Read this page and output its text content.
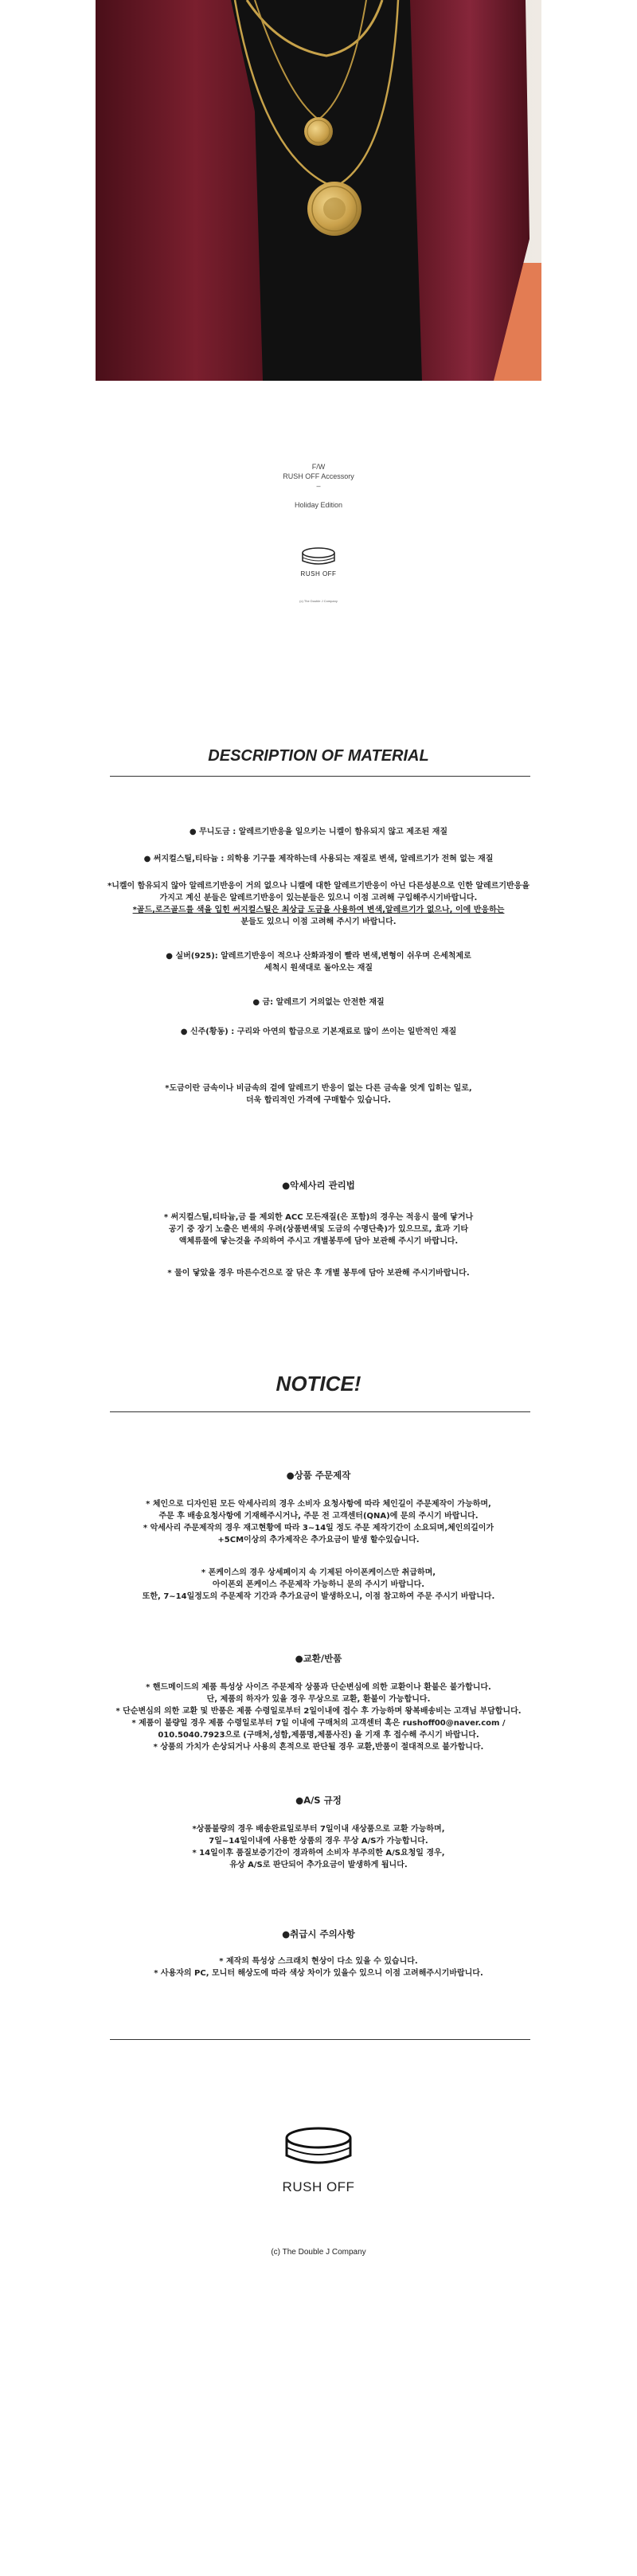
F/W
RUSH OFF Accessory
–
Holiday Edition
RUSH OFF
(c) The Double J Company
DESCRIPTION OF MATERIAL
● 무니도금 : 알레르기반응을 일으키는 니켈이 함유되지 않고 제조된 재질
● 써지컬스틸,티타늄 : 의학용 기구를 제작하는데 사용되는 재질로 변색, 알레르기가 전혀 없는 재질
*니켈이 함유되지 않아 알레르기반응이 거의 없으나 니켈에 대한 알레르기반응이 아닌 다른성분으로 인한 알레르기반응을
가지고 계신 분들은 알레르기반응이 있는분들은 있으니 이점 고려해 구입해주시기바랍니다.
*골드,로즈골드를 색을 입힌 써지컬스틸은 최상급 도금을 사용하여 변색,알레르기가 없으나, 이에 반응하는
분들도 있으니 이점 고려해 주시기 바랍니다.
● 실버(925): 알레르기반응이 적으나 산화과정이 빨라 변색,변형이 쉬우며 은세척제로
세척시 원색대로 돌아오는 재질
● 금: 알레르기 거의없는 안전한 재질
● 신주(황동) : 구리와 아연의 합금으로 기본재료로 많이 쓰이는 일반적인 재질
*도금이란 금속이나 비금속의 겉에 알레르기 반응이 없는 다른 금속을 엇게 입히는 일로,
더욱 합리적인 가격에 구매할수 있습니다.
●악세사리 관리법
* 써지컬스틸,티타늄,금 를 제외한 ACC 모든재질(은 포함)의 경우는 적응시 물에 닿거나
공기 중 장기 노출은 변색의 우려(상품변색및 도금의 수명단축)가 있으므로, 효과 기타
액체류물에 닿는것을 주의하여 주시고 개별봉투에 담아 보관해 주시기 바랍니다.
* 물이 닿았을 경우 마른수건으로 잘 닦은 후 개별 봉투에 담아 보관해 주시기바랍니다.
NOTICE!
●상품 주문제작
* 체인으로 디자인된 모든 악세사리의 경우 소비자 요청사항에 따라 체인길이 주문제작이 가능하며,
주문 후 배송요청사항에 기재해주시거나, 주문 전 고객센터(QNA)에 문의 주시기 바랍니다.
* 악세사리 주문제작의 경우 재고현황에 따라 3~14일 정도 주문 제작기간이 소요되며,체인의길이가
+5CM이상의 추가제작은 추가요금이 발생 할수있습니다.
* 폰케이스의 경우 상세페이지 속 기제된 아이폰케이스만 취급하며,
아이폰외 폰케이스 주문제작 가능하니 문의 주시기 바랍니다.
또한, 7~14일정도의 주문제작 기간과 추가요금이 발생하오니, 이점 참고하여 주문 주시기 바랍니다.
●교환/반품
* 핸드메이드의 제품 특성상 사이즈 주문제작 상품과 단순변심에 의한 교환이나 환불은 불가합니다.
단, 제품의 하자가 있을 경우 무상으로 교환, 환불이 가능합니다.
* 단순변심의 의한 교환 및 반품은 제품 수령일로부터 2일이내에 접수 후 가능하며 왕복배송비는 고객님 부담합니다.
* 제품이 불량일 경우 제품 수령일로부터 7일 이내에 구매처의 고객센터 혹은 rushoff00@naver.com /
010.5040.7923으로 (구매처,성함,제품명,제품사진) 을 기재 후 접수해 주시기 바랍니다.
* 상품의 가치가 손상되거나 사용의 흔적으로 판단될 경우 교환,반품이 절대적으로 불가합니다.
●A/S 규정
*상품불량의 경우 배송완료일로부터 7일이내 새상품으로 교환 가능하며,
7일~14일이내에 사용한 상품의 경우 무상 A/S가 가능합니다.
* 14일이후 품질보증기간이 경과하여 소비자 부주의한 A/S요청일 경우,
유상 A/S로 판단되어 추가요금이 발생하게 됩니다.
●취급시 주의사항
* 제작의 특성상 스크래치 현상이 다소 있을 수 있습니다.
* 사용자의 PC, 모니터 해상도에 따라 색상 차이가 있을수 있으니 이점 고려해주시기바랍니다.
RUSH OFF
(c) The Double J Company
